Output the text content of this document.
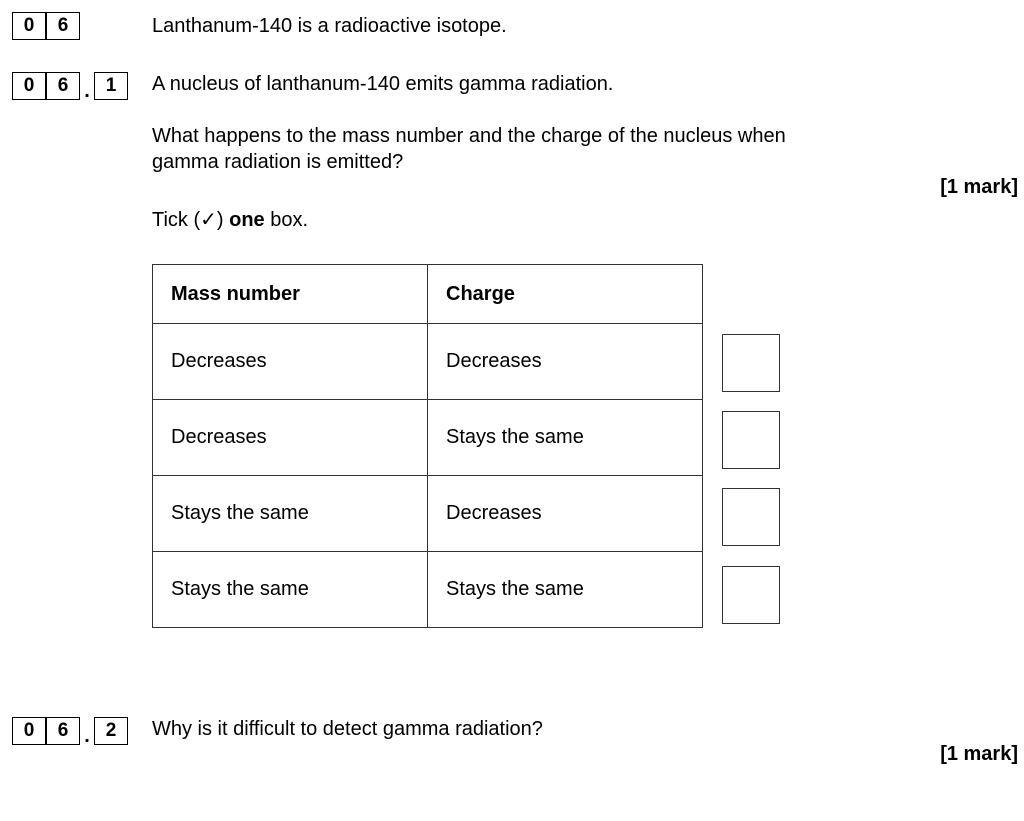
0	6	Lanthanum-140 is a radioactive isotope.
0	6 . 1	A nucleus of lanthanum-140 emits gamma radiation.
What happens to the mass number and the charge of the nucleus when
gamma radiation is emitted?
[1 mark]
Tick (✓) one box.
Mass number	Charge
Decreases	Decreases
Decreases	Stays the same
Stays the same	Decreases
Stays the same	Stays the same
0	6 . 2	Why is it difficult to detect gamma radiation?
[1 mark]
